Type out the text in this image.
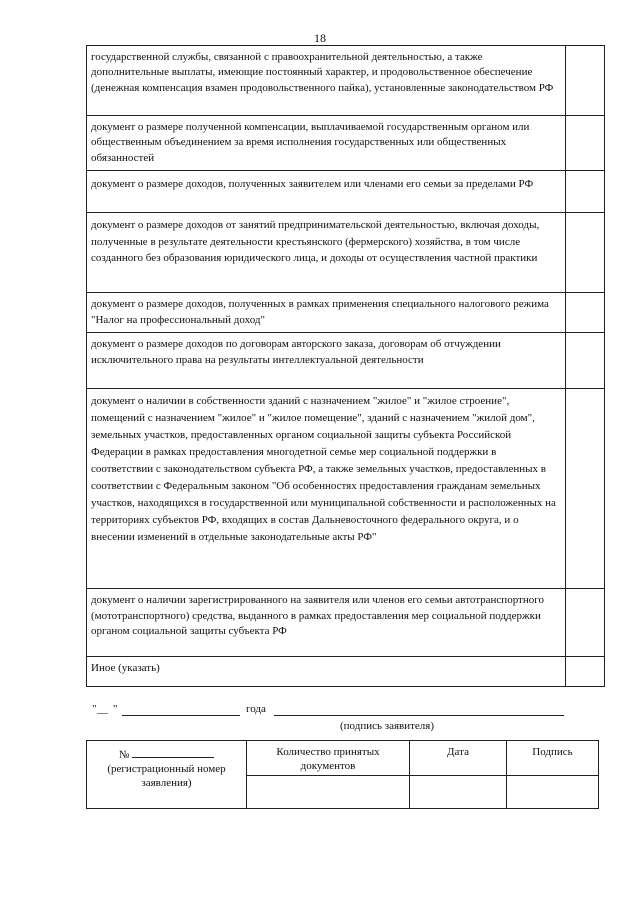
18
государственной службы, связанной с правоохранительной деятельностью, а также дополнительные выплаты, имеющие постоянный характер, и продовольственное обеспечение (денежная компенсация взамен продовольственного пайка), установленные законодательством РФ	
документ о размере полученной компенсации, выплачиваемой государственным органом или общественным объединением за время исполнения государственных или общественных обязанностей	
документ о размере доходов, полученных заявителем или членами его семьи за пределами РФ	
документ о размере доходов от занятий предпринимательской деятельностью, включая доходы, полученные в результате деятельности крестьянского (фермерского) хозяйства, в том числе созданного без образования юридического лица, и доходы от осуществления частной практики	
документ о размере доходов, полученных в рамках применения специального налогового режима "Налог на профессиональный доход"	
документ о размере доходов по договорам авторского заказа, договорам об отчуждении исключительного права на результаты интеллектуальной деятельности	
документ о наличии в собственности зданий с назначением "жилое" и "жилое строение", помещений с назначением "жилое" и "жилое помещение", зданий с назначением "жилой дом", земельных участков, предоставленных органом социальной защиты субъекта Российской Федерации в рамках предоставления многодетной семье мер социальной поддержки в соответствии с законодательством субъекта РФ, а также земельных участков, предоставленных в соответствии с Федеральным законом "Об особенностях предоставления гражданам земельных участков, находящихся в государственной или муниципальной собственности и расположенных на территориях субъектов РФ, входящих в состав Дальневосточного федерального округа, и о внесении изменений в отдельные законодательные акты РФ"	
документ о наличии зарегистрированного на заявителя или членов его семьи автотранспортного (мототранспортного) средства, выданного в рамках предоставления мер социальной поддержки органом социальной защиты субъекта РФ	
Иное (указать)	
" __ "	года
(подпись заявителя)
№
(регистрационный номер заявления)	Количество принятых документов	Дата	Подпись
